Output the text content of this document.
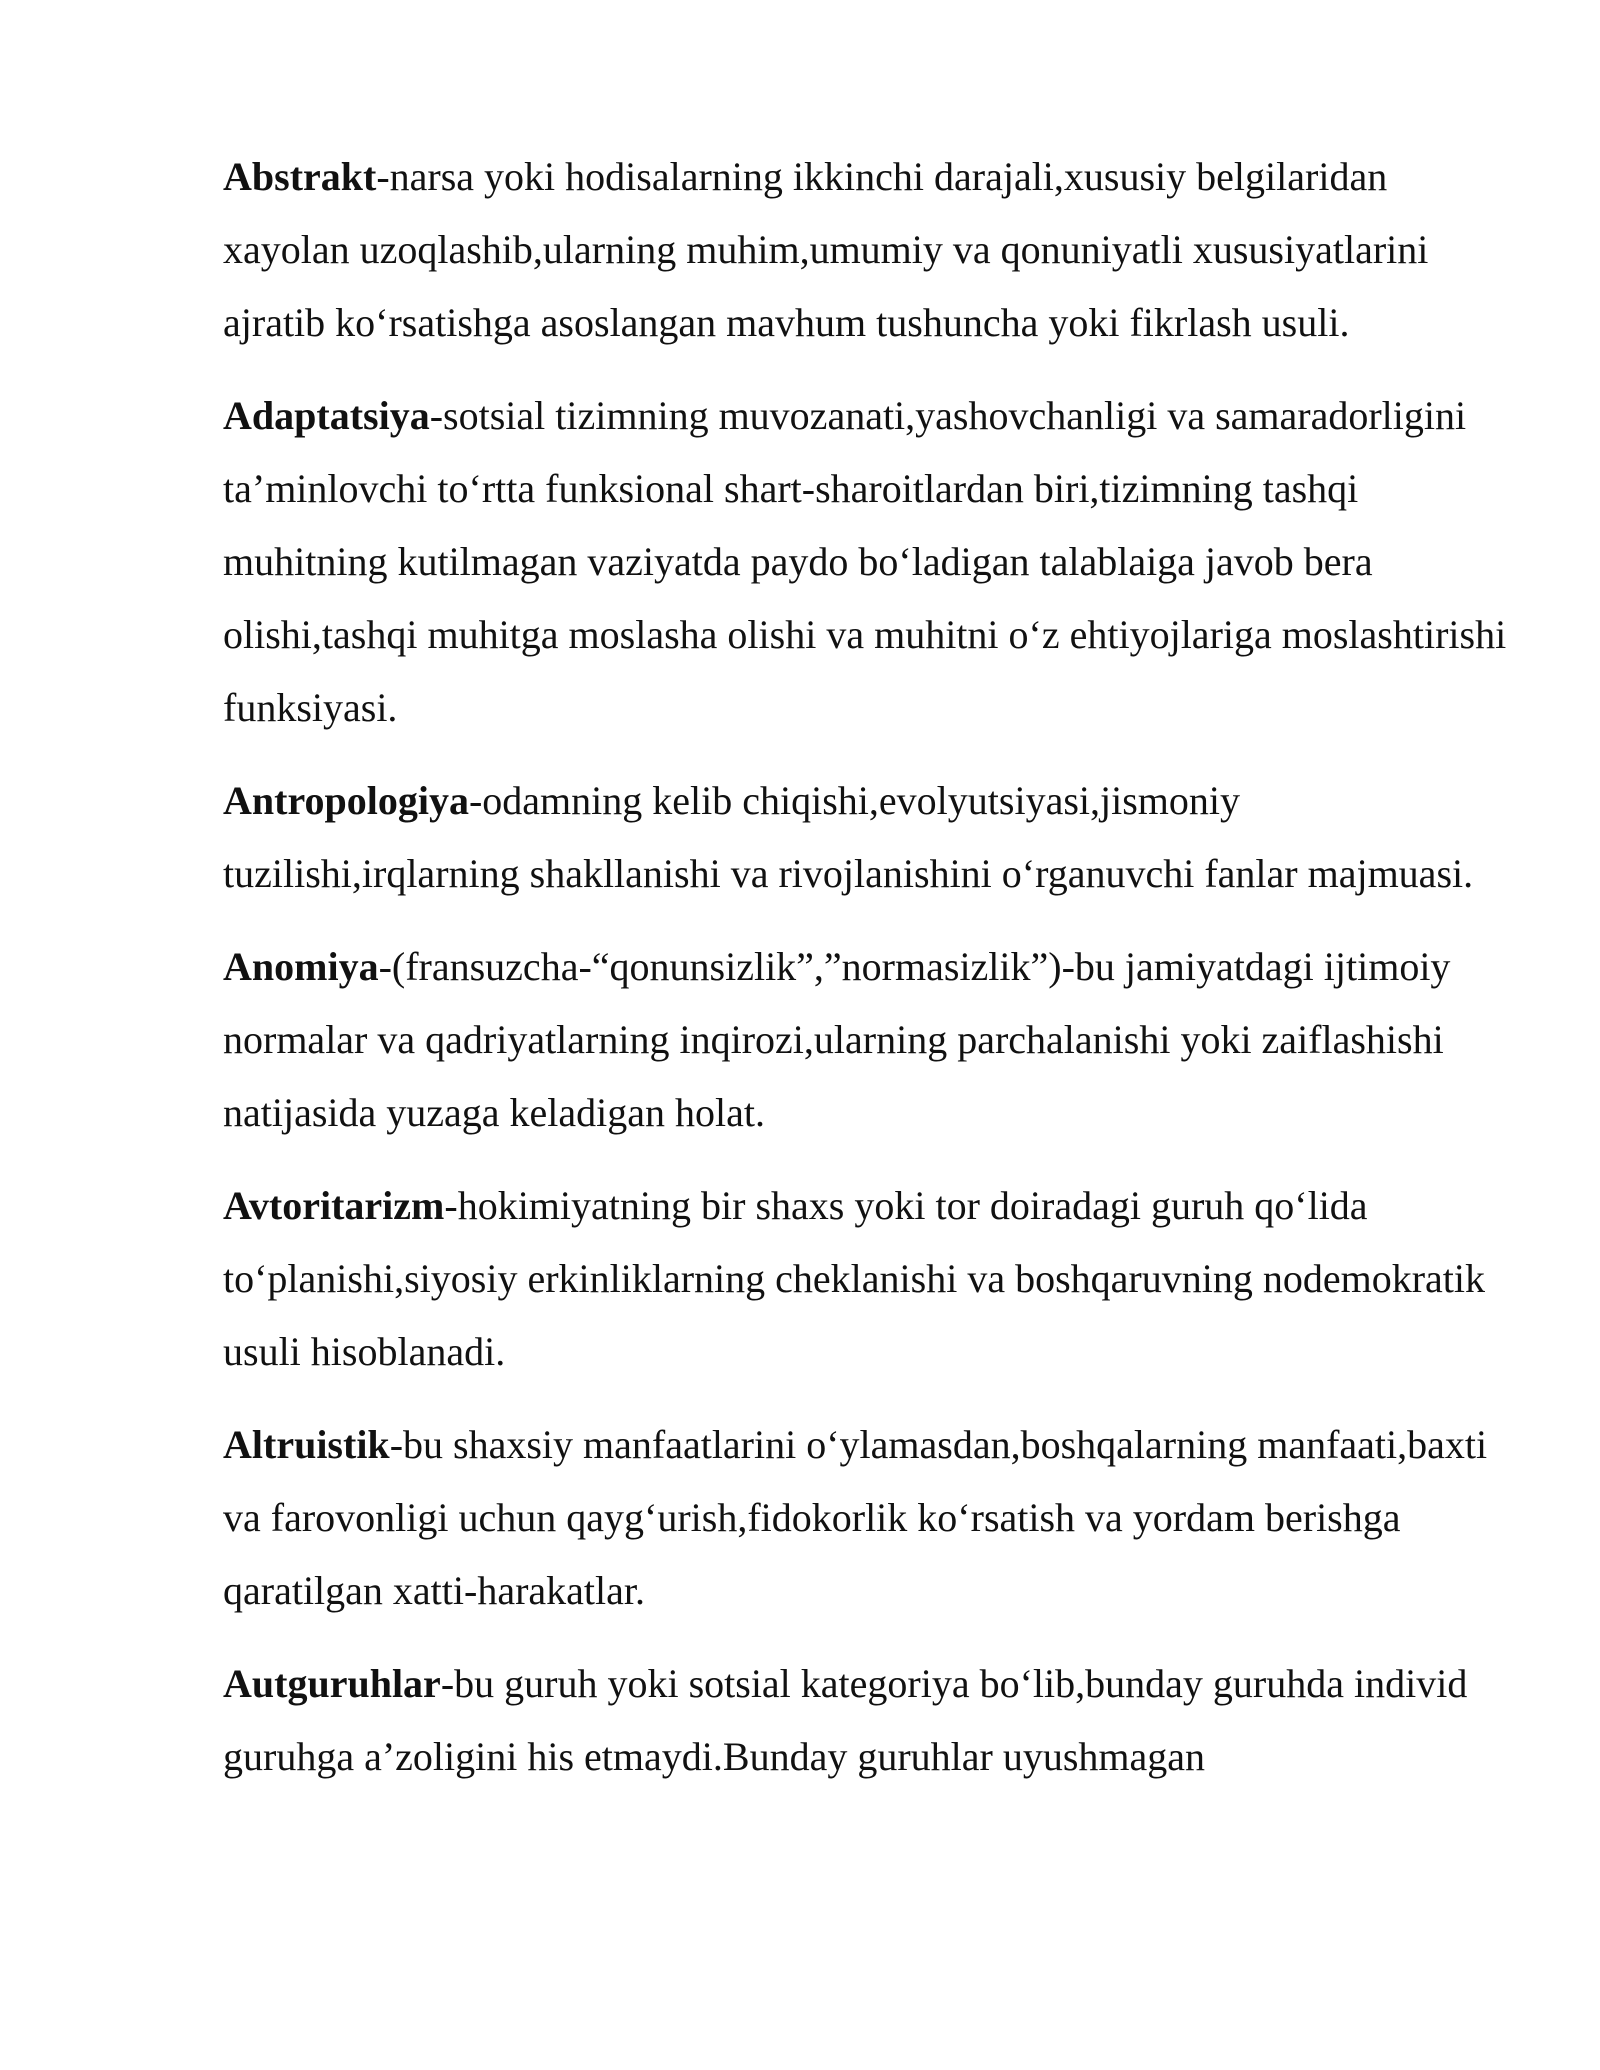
Abstrakt-narsa yoki hodisalarning ikkinchi darajali,xususiy belgilaridan xayolan uzoqlashib,ularning muhim,umumiy va qonuniyatli xususiyatlarini ajratib koʻrsatishga asoslangan mavhum tushuncha yoki fikrlash usuli.

Adaptatsiya-sotsial tizimning muvozanati,yashovchanligi va samaradorligini ta’minlovchi toʻrtta funksional shart-sharoitlardan biri,tizimning tashqi muhitning kutilmagan vaziyatda paydo boʻladigan talablaiga javob bera olishi,tashqi muhitga moslasha olishi va muhitni oʻz ehtiyojlariga moslashtirishi funksiyasi.

Antropologiya-odamning kelib chiqishi,evolyutsiyasi,jismoniy tuzilishi,irqlarning shakllanishi va rivojlanishini oʻrganuvchi fanlar majmuasi.

Anomiya-(fransuzcha-“qonunsizlik”,”normasizlik”)-bu jamiyatdagi ijtimoiy normalar va qadriyatlarning inqirozi,ularning parchalanishi yoki zaiflashishi natijasida yuzaga keladigan holat.

Avtoritarizm-hokimiyatning bir shaxs yoki tor doiradagi guruh qoʻlida toʻplanishi,siyosiy erkinliklarning cheklanishi va boshqaruvning nodemokratik usuli hisoblanadi.

Altruistik-bu shaxsiy manfaatlarini oʻylamasdan,boshqalarning manfaati,baxti va farovonligi uchun qaygʻurish,fidokorlik koʻrsatish va yordam berishga qaratilgan xatti-harakatlar.

Autguruhlar-bu guruh yoki sotsial kategoriya boʻlib,bunday guruhda individ guruhga a’zoligini his etmaydi.Bunday guruhlar uyushmagan
